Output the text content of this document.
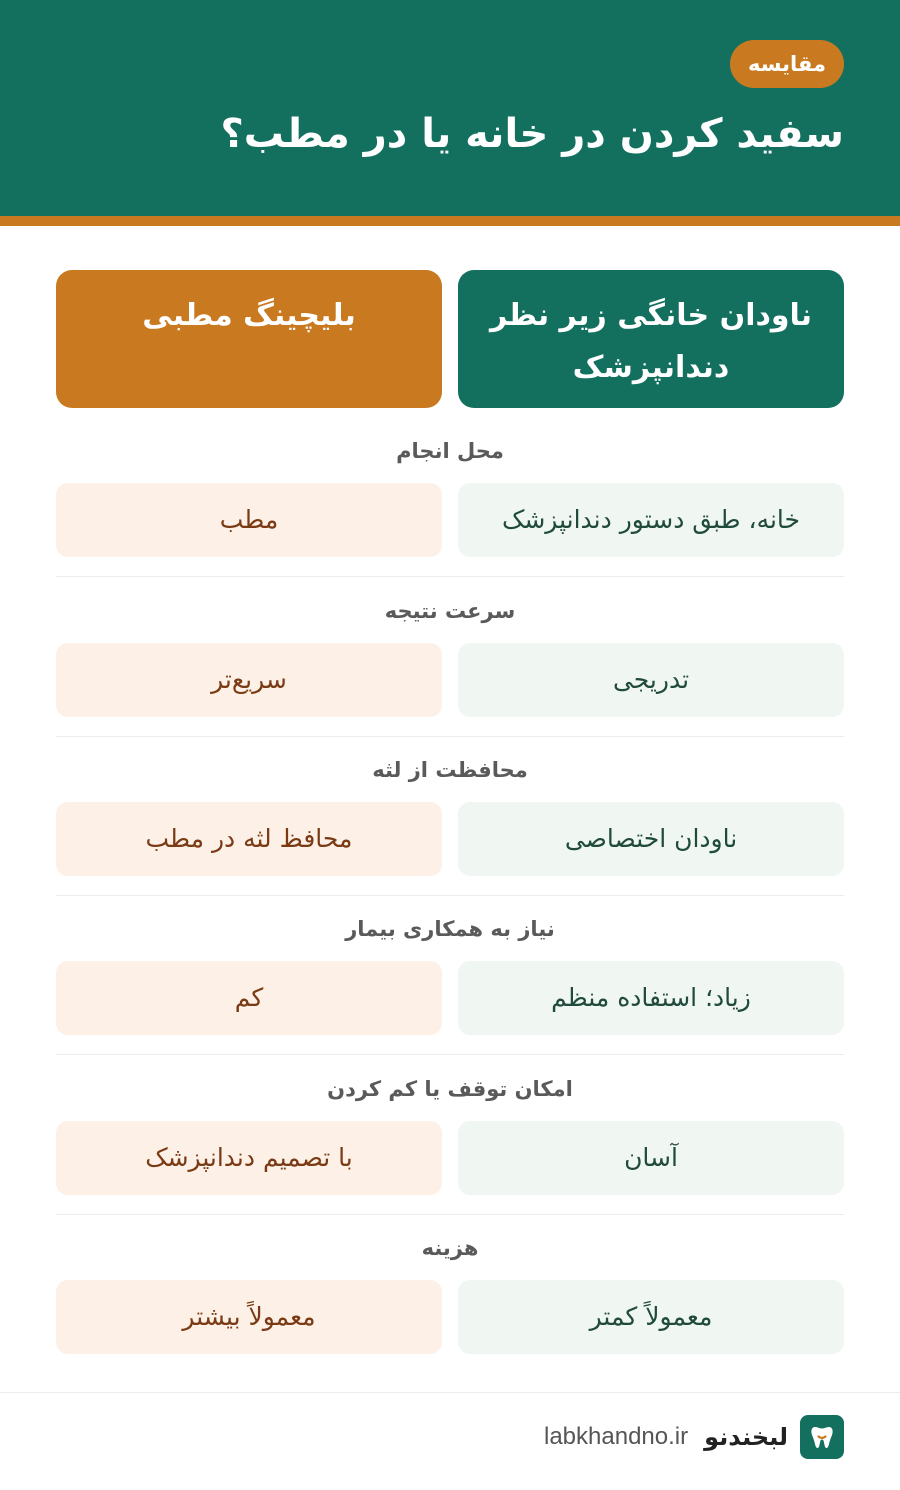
مقایسه
سفید کردن در خانه یا در مطب؟
ناودان خانگی زیر نظر
دندانپزشک
بلیچینگ مطبی
محل انجام
خانه، طبق دستور دندانپزشک
مطب
سرعت نتیجه
تدریجی
سریع‌تر
محافظت از لثه
ناودان اختصاصی
محافظ لثه در مطب
نیاز به همکاری بیمار
زیاد؛ استفاده منظم
کم
امکان توقف یا کم کردن
آسان
با تصمیم دندانپزشک
هزینه
معمولاً کمتر
معمولاً بیشتر
لبخندنو
labkhandno.ir
